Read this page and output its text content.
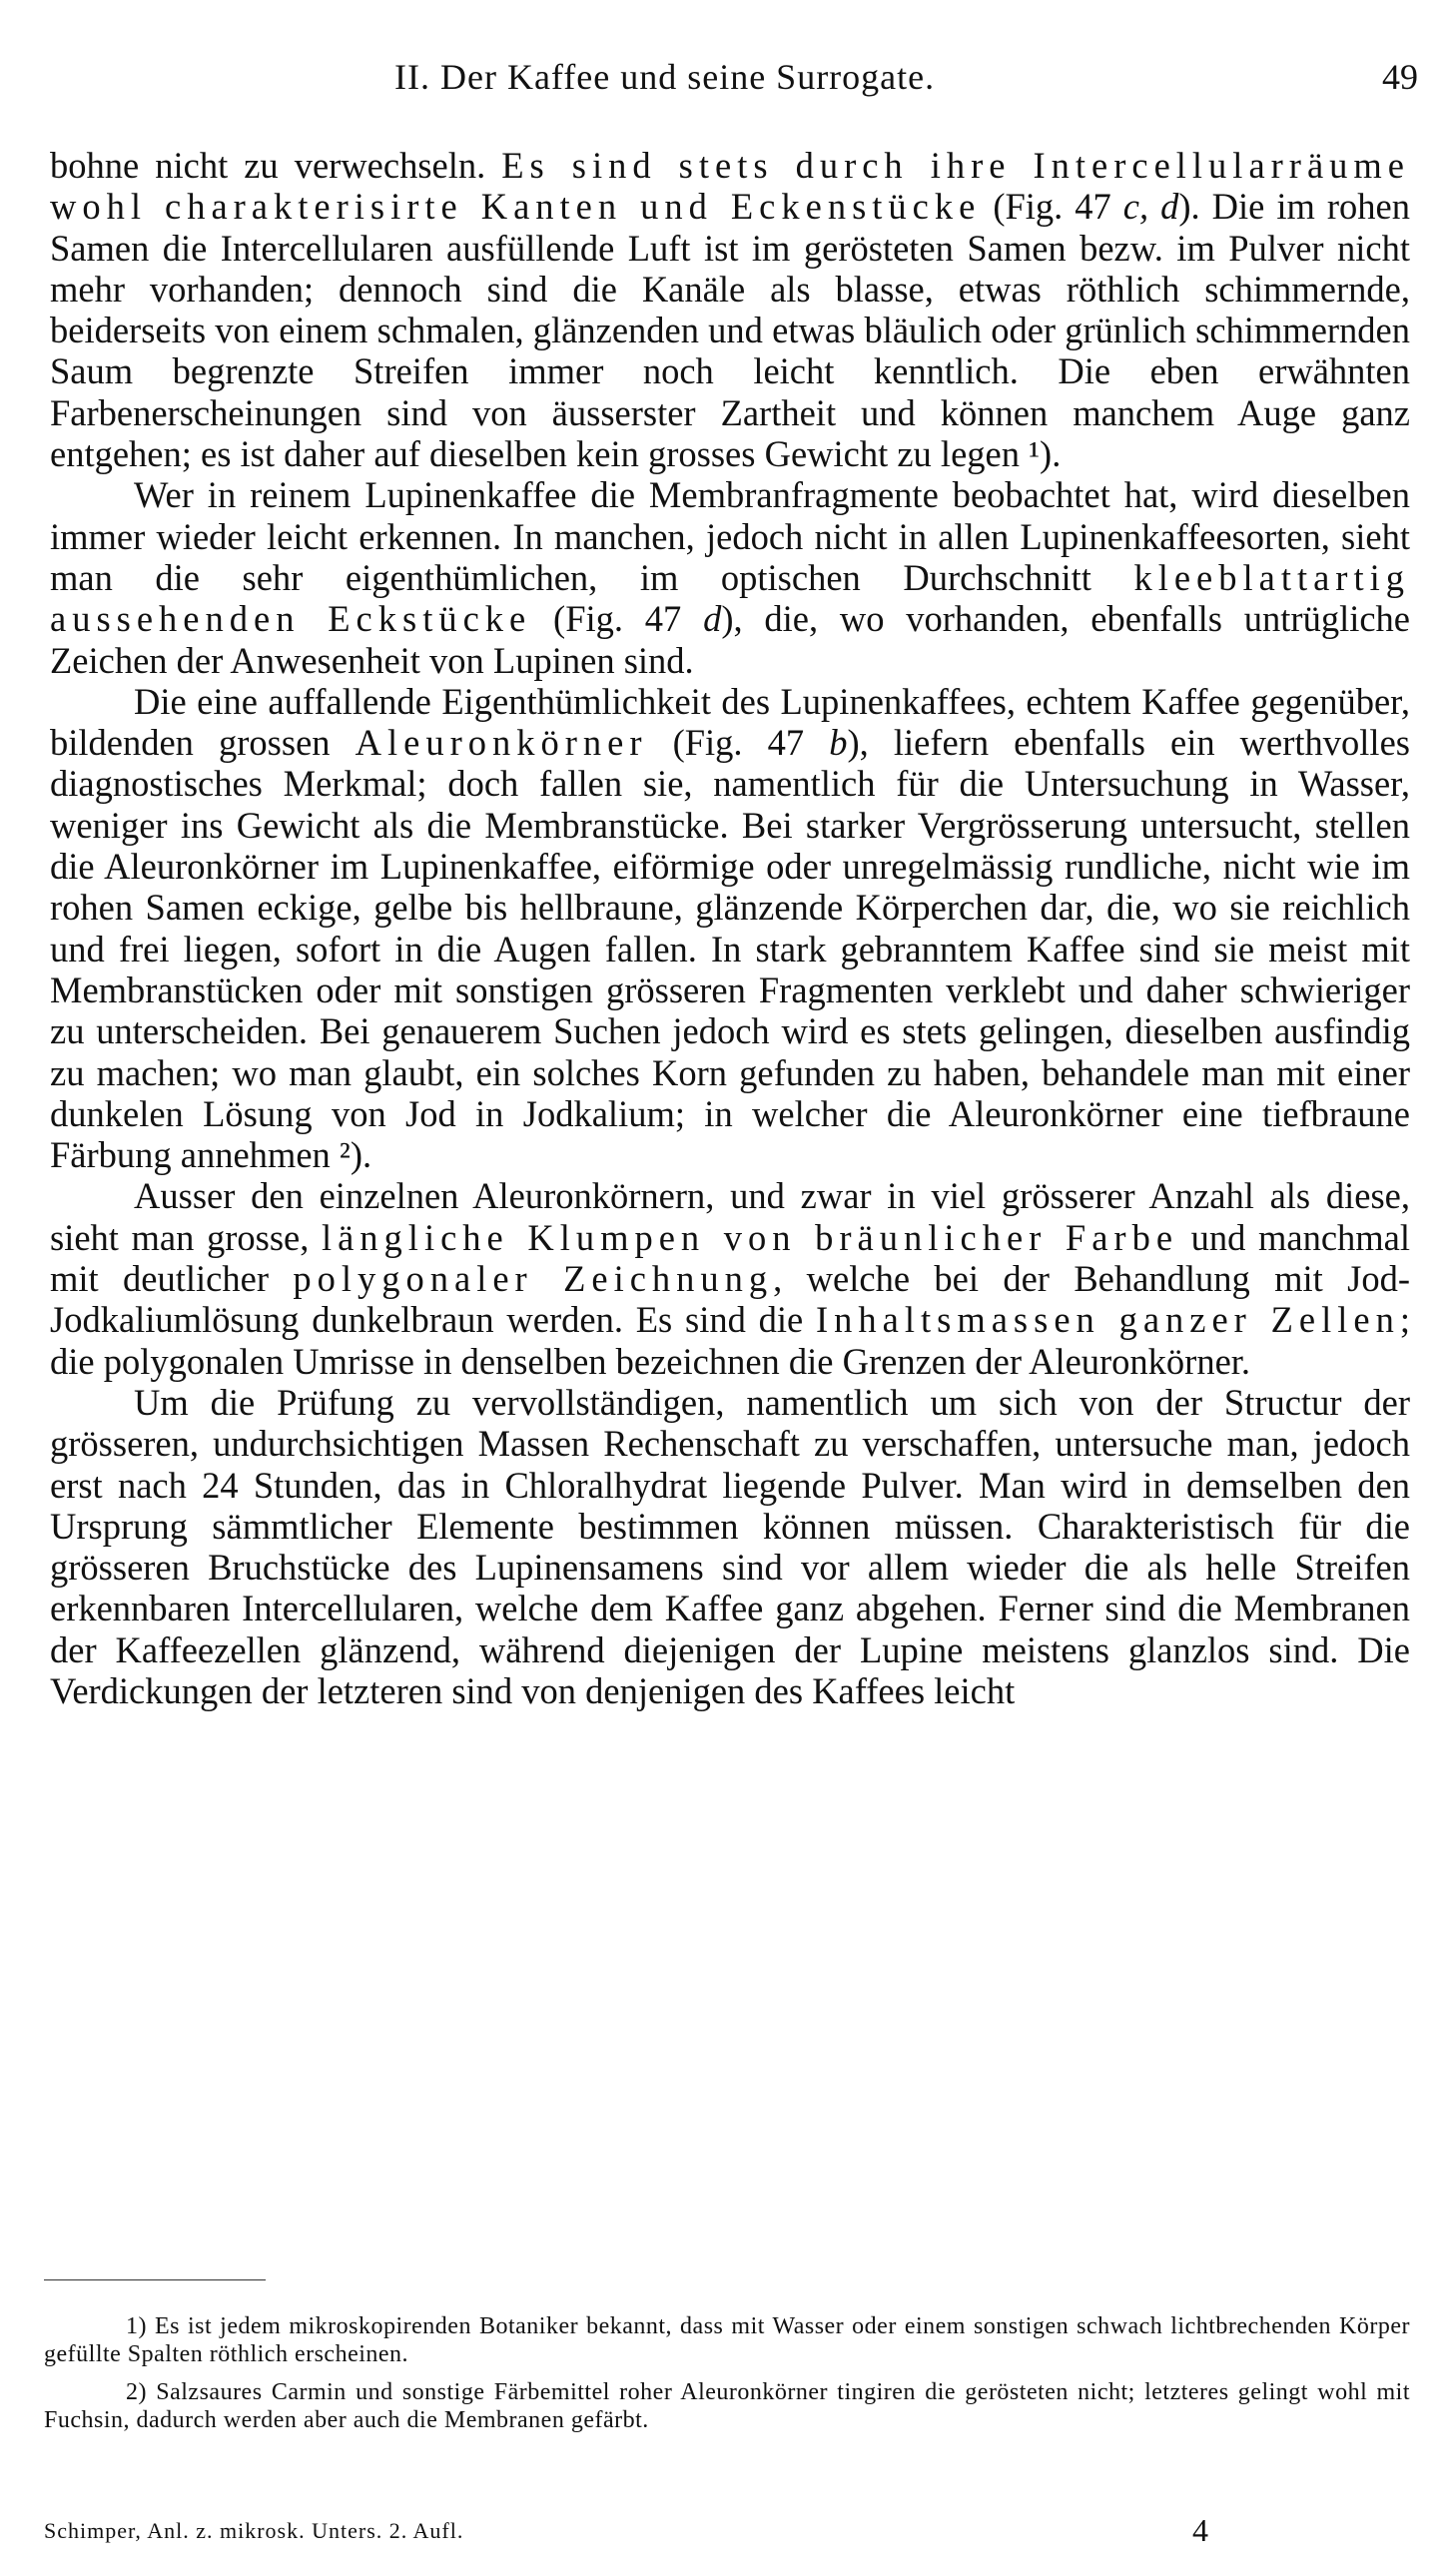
II. Der Kaffee und seine Surrogate.	49

bohne nicht zu verwechseln. Es sind stets durch ihre Intercellularräume wohl charakterisirte Kanten und Eckenstücke (Fig. 47 c, d). Die im rohen Samen die Intercellularen ausfüllende Luft ist im gerösteten Samen bezw. im Pulver nicht mehr vorhanden; dennoch sind die Kanäle als blasse, etwas röthlich schimmernde, beiderseits von einem schmalen, glänzenden und etwas bläulich oder grünlich schimmernden Saum begrenzte Streifen immer noch leicht kenntlich. Die eben erwähnten Farbenerscheinungen sind von äusserster Zartheit und können manchem Auge ganz entgehen; es ist daher auf dieselben kein grosses Gewicht zu legen ¹).

Wer in reinem Lupinenkaffee die Membranfragmente beobachtet hat, wird dieselben immer wieder leicht erkennen. In manchen, jedoch nicht in allen Lupinenkaffeesorten, sieht man die sehr eigenthümlichen, im optischen Durchschnitt kleeblattartig aussehenden Eckstücke (Fig. 47 d), die, wo vorhanden, ebenfalls untrügliche Zeichen der Anwesenheit von Lupinen sind.

Die eine auffallende Eigenthümlichkeit des Lupinenkaffees, echtem Kaffee gegenüber, bildenden grossen Aleuronkörner (Fig. 47 b), liefern ebenfalls ein werthvolles diagnostisches Merkmal; doch fallen sie, namentlich für die Untersuchung in Wasser, weniger ins Gewicht als die Membranstücke. Bei starker Vergrösserung untersucht, stellen die Aleuronkörner im Lupinenkaffee, eiförmige oder unregelmässig rundliche, nicht wie im rohen Samen eckige, gelbe bis hellbraune, glänzende Körperchen dar, die, wo sie reichlich und frei liegen, sofort in die Augen fallen. In stark gebranntem Kaffee sind sie meist mit Membranstücken oder mit sonstigen grösseren Fragmenten verklebt und daher schwieriger zu unterscheiden. Bei genauerem Suchen jedoch wird es stets gelingen, dieselben ausfindig zu machen; wo man glaubt, ein solches Korn gefunden zu haben, behandele man mit einer dunkelen Lösung von Jod in Jodkalium; in welcher die Aleuronkörner eine tiefbraune Färbung annehmen ²).

Ausser den einzelnen Aleuronkörnern, und zwar in viel grösserer Anzahl als diese, sieht man grosse, längliche Klumpen von bräunlicher Farbe und manchmal mit deutlicher polygonaler Zeichnung, welche bei der Behandlung mit Jod-Jodkaliumlösung dunkelbraun werden. Es sind die Inhaltsmassen ganzer Zellen; die polygonalen Umrisse in denselben bezeichnen die Grenzen der Aleuronkörner.

Um die Prüfung zu vervollständigen, namentlich um sich von der Structur der grösseren, undurchsichtigen Massen Rechenschaft zu verschaffen, untersuche man, jedoch erst nach 24 Stunden, das in Chloralhydrat liegende Pulver. Man wird in demselben den Ursprung sämmtlicher Elemente bestimmen können müssen. Charakteristisch für die grösseren Bruchstücke des Lupinensamens sind vor allem wieder die als helle Streifen erkennbaren Intercellularen, welche dem Kaffee ganz abgehen. Ferner sind die Membranen der Kaffeezellen glänzend, während diejenigen der Lupine meistens glanzlos sind. Die Verdickungen der letzteren sind von denjenigen des Kaffees leicht

1) Es ist jedem mikroskopirenden Botaniker bekannt, dass mit Wasser oder einem sonstigen schwach lichtbrechenden Körper gefüllte Spalten röthlich erscheinen.

2) Salzsaures Carmin und sonstige Färbemittel roher Aleuronkörner tingiren die gerösteten nicht; letzteres gelingt wohl mit Fuchsin, dadurch werden aber auch die Membranen gefärbt.

Schimper, Anl. z. mikrosk. Unters. 2. Aufl.	4
